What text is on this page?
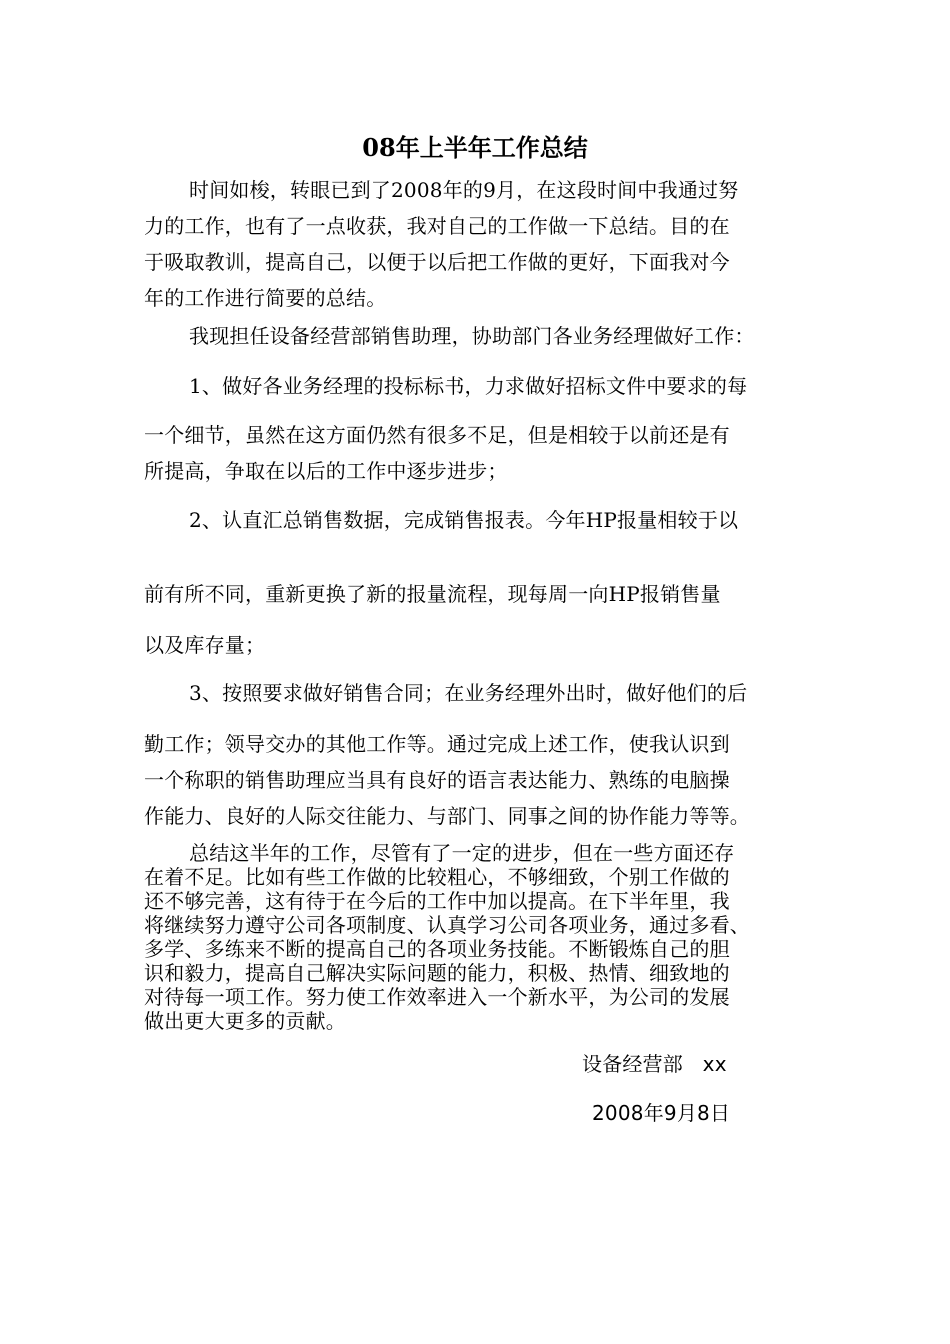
08年上半年工作总结
时间如梭，转眼已到了2008年的9月，在这段时间中我通过努
力的工作，也有了一点收获，我对自己的工作做一下总结。目的在
于吸取教训，提高自己，以便于以后把工作做的更好，下面我对今
年的工作进行简要的总结。
我现担任设备经营部销售助理，协助部门各业务经理做好工作：
1、做好各业务经理的投标标书，力求做好招标文件中要求的每
一个细节，虽然在这方面仍然有很多不足，但是相较于以前还是有
所提高，争取在以后的工作中逐步进步；
2、认直汇总销售数据，完成销售报表。今年HP报量相较于以
前有所不同，重新更换了新的报量流程，现每周一向HP报销售量
以及库存量；
3、按照要求做好销售合同；在业务经理外出时，做好他们的后
勤工作；领导交办的其他工作等。通过完成上述工作，使我认识到
一个称职的销售助理应当具有良好的语言表达能力、熟练的电脑操
作能力、良好的人际交往能力、与部门、同事之间的协作能力等等。
总结这半年的工作，尽管有了一定的进步，但在一些方面还存
在着不足。比如有些工作做的比较粗心，不够细致，个别工作做的
还不够完善，这有待于在今后的工作中加以提高。在下半年里，我
将继续努力遵守公司各项制度、认真学习公司各项业务，通过多看、
多学、多练来不断的提高自己的各项业务技能。不断锻炼自己的胆
识和毅力，提高自己解决实际问题的能力，积极、热情、细致地的
对待每一项工作。努力使工作效率进入一个新水平，为公司的发展
做出更大更多的贡献。
设备经营部   xx
2008年9月8日
